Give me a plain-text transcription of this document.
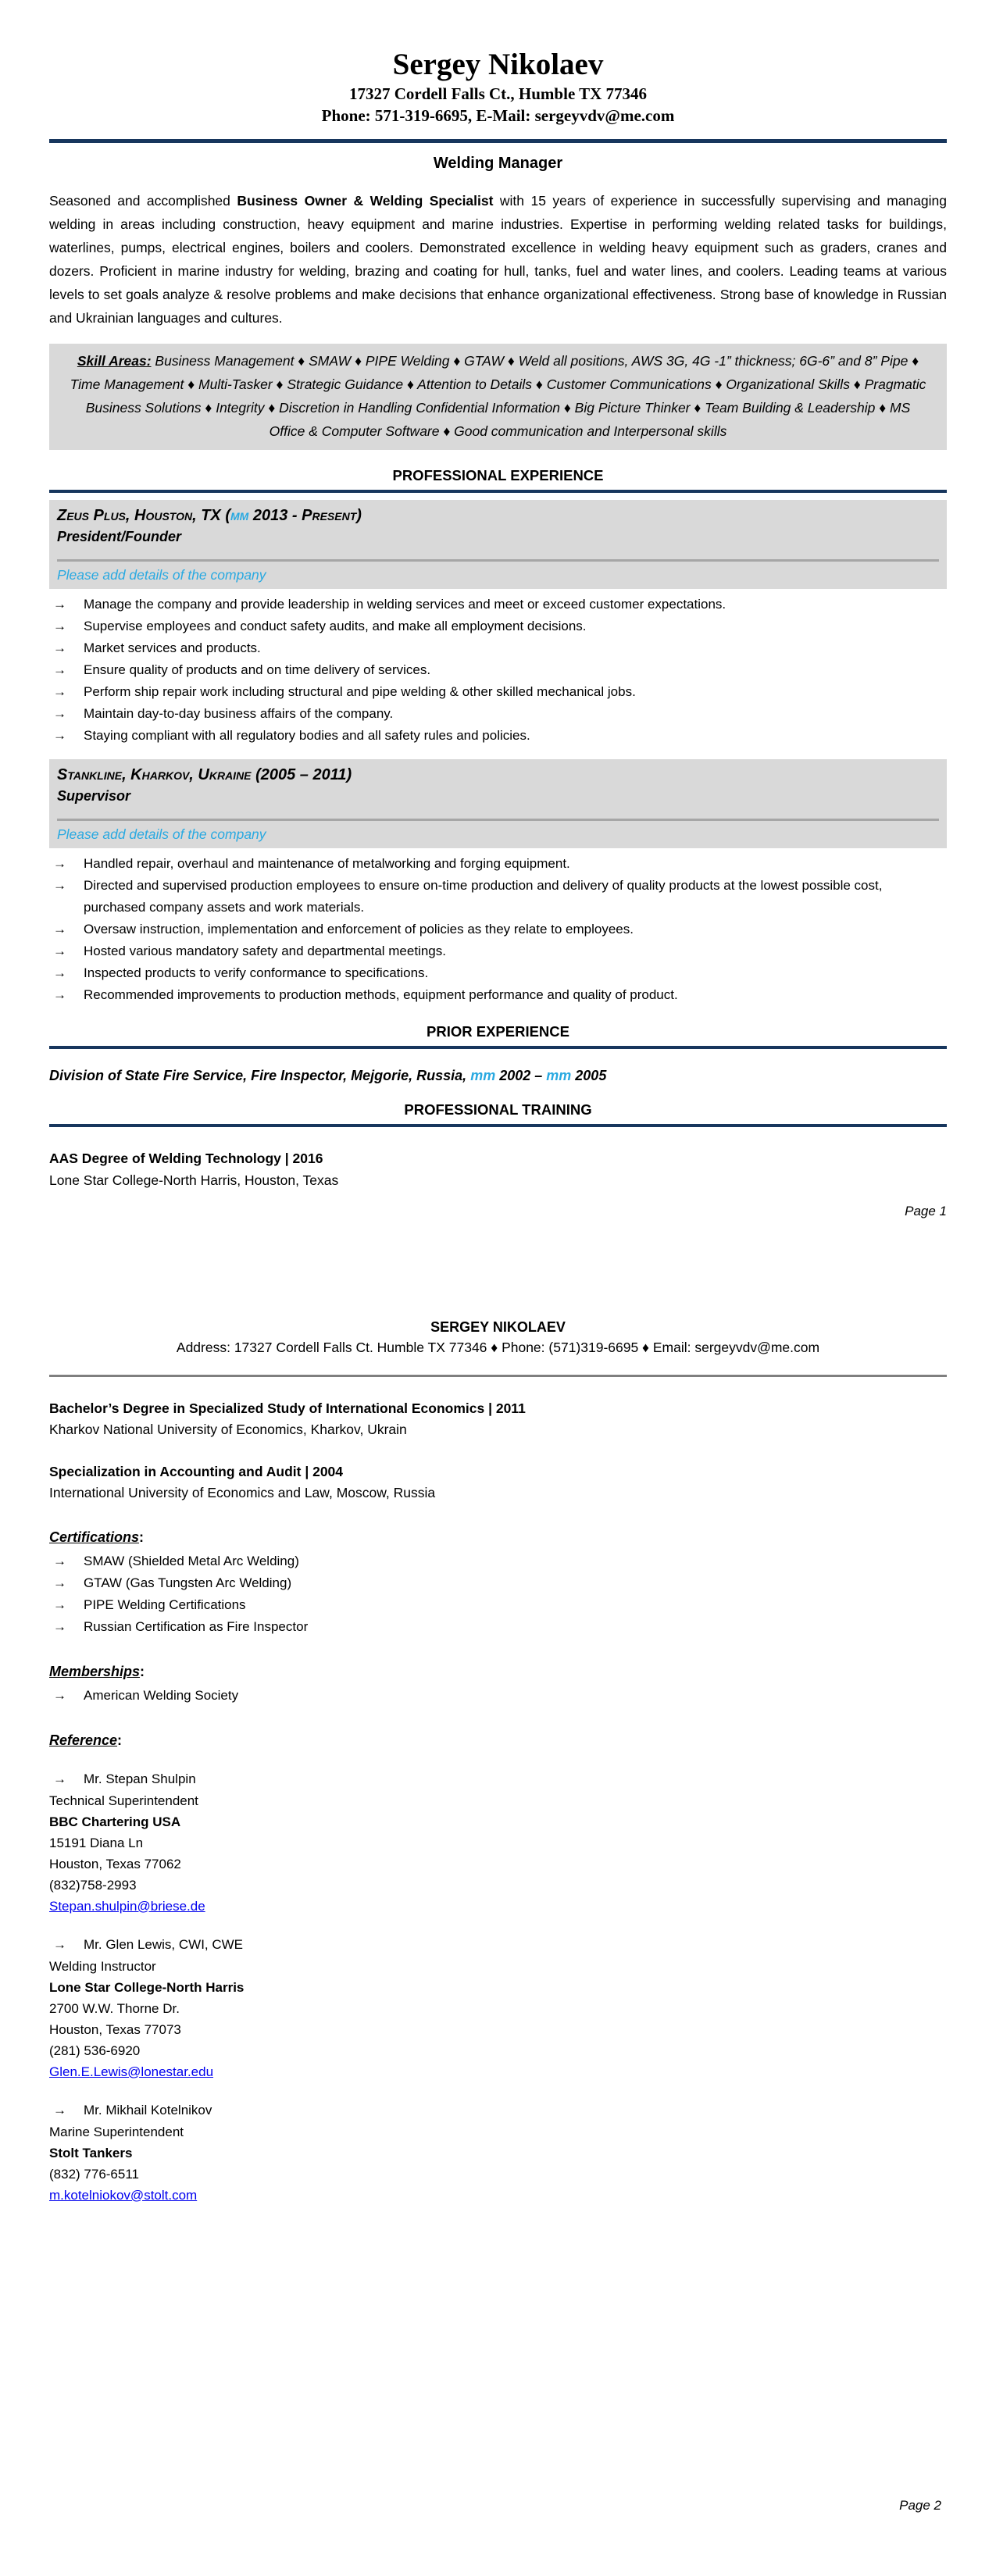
Sergey Nikolaev
17327 Cordell Falls Ct., Humble TX 77346
Phone: 571-319-6695, E-Mail: sergeyvdv@me.com
Welding Manager

Seasoned and accomplished Business Owner & Welding Specialist with 15 years of experience in successfully supervising and managing welding in areas including construction, heavy equipment and marine industries. Expertise in performing welding related tasks for buildings, waterlines, pumps, electrical engines, boilers and coolers. Demonstrated excellence in welding heavy equipment such as graders, cranes and dozers. Proficient in marine industry for welding, brazing and coating for hull, tanks, fuel and water lines, and coolers. Leading teams at various levels to set goals analyze & resolve problems and make decisions that enhance organizational effectiveness. Strong base of knowledge in Russian and Ukrainian languages and cultures.

Skill Areas: Business Management ♦ SMAW ♦ PIPE Welding ♦ GTAW ♦ Weld all positions, AWS 3G, 4G -1” thickness; 6G-6” and 8” Pipe ♦ Time Management ♦ Multi-Tasker ♦ Strategic Guidance ♦ Attention to Details ♦ Customer Communications ♦ Organizational Skills ♦ Pragmatic Business Solutions ♦ Integrity ♦ Discretion in Handling Confidential Information ♦ Big Picture Thinker ♦ Team Building & Leadership ♦ MS Office & Computer Software ♦ Good communication and Interpersonal skills
PROFESSIONAL EXPERIENCE
Zeus Plus, Houston, TX (mm 2013 - Present)
President/Founder
Please add details of the company
→	Manage the company and provide leadership in welding services and meet or exceed customer expectations.
→	Supervise employees and conduct safety audits, and make all employment decisions.
→	Market services and products.
→	Ensure quality of products and on time delivery of services.
→	Perform ship repair work including structural and pipe welding & other skilled mechanical jobs.
→	Maintain day-to-day business affairs of the company.
→	Staying compliant with all regulatory bodies and all safety rules and policies.
Stankline, Kharkov, Ukraine (2005 – 2011)
Supervisor
Please add details of the company
→	Handled repair, overhaul and maintenance of metalworking and forging equipment.
→	Directed and supervised production employees to ensure on-time production and delivery of quality products at the lowest possible cost, purchased company assets and work materials.
→	Oversaw instruction, implementation and enforcement of policies as they relate to employees.
→	Hosted various mandatory safety and departmental meetings.
→	Inspected products to verify conformance to specifications.
→	Recommended improvements to production methods, equipment performance and quality of product.
PRIOR EXPERIENCE
Division of State Fire Service, Fire Inspector, Mejgorie, Russia, mm 2002 – mm 2005
PROFESSIONAL TRAINING
AAS Degree of Welding Technology | 2016
Lone Star College-North Harris, Houston, Texas
Page 1
SERGEY NIKOLAEV
Address: 17327 Cordell Falls Ct. Humble TX 77346 ♦ Phone: (571)319-6695 ♦ Email: sergeyvdv@me.com
Bachelor’s Degree in Specialized Study of International Economics | 2011
Kharkov National University of Economics, Kharkov, Ukrain
Specialization in Accounting and Audit | 2004
International University of Economics and Law, Moscow, Russia
Certifications:
→	SMAW (Shielded Metal Arc Welding)
→	GTAW (Gas Tungsten Arc Welding)
→	PIPE Welding Certifications
→	Russian Certification as Fire Inspector
Memberships:
→	American Welding Society
Reference:
→	Mr. Stepan Shulpin
Technical Superintendent
BBC Chartering USA
15191 Diana Ln
Houston, Texas 77062
(832)758-2993
Stepan.shulpin@briese.de
→	Mr. Glen Lewis, CWI, CWE
Welding Instructor
Lone Star College-North Harris
2700 W.W. Thorne Dr.
Houston, Texas 77073
(281) 536-6920
Glen.E.Lewis@lonestar.edu
→	Mr. Mikhail Kotelnikov
Marine Superintendent
Stolt Tankers
(832) 776-6511
m.kotelniokov@stolt.com
Page 2
